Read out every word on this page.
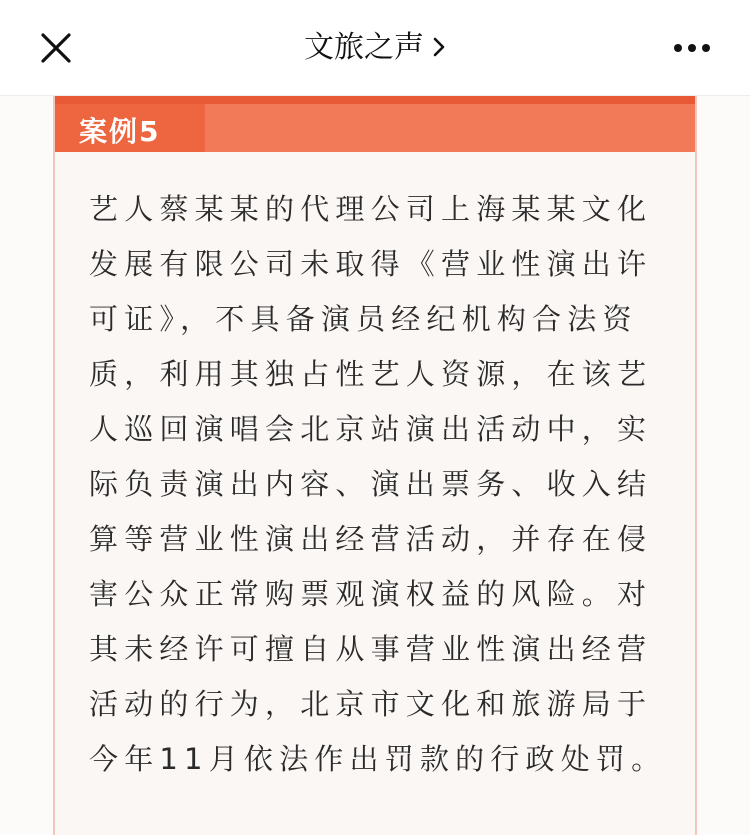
文旅之声
案例5
艺人蔡某某的代理公司上海某某文化
发展有限公司未取得《营业性演出许
可证》，不具备演员经纪机构合法资
质，利用其独占性艺人资源，在该艺
人巡回演唱会北京站演出活动中，实
际负责演出内容、演出票务、收入结
算等营业性演出经营活动，并存在侵
害公众正常购票观演权益的风险。对
其未经许可擅自从事营业性演出经营
活动的行为，北京市文化和旅游局于
今年11月依法作出罚款的行政处罚。
